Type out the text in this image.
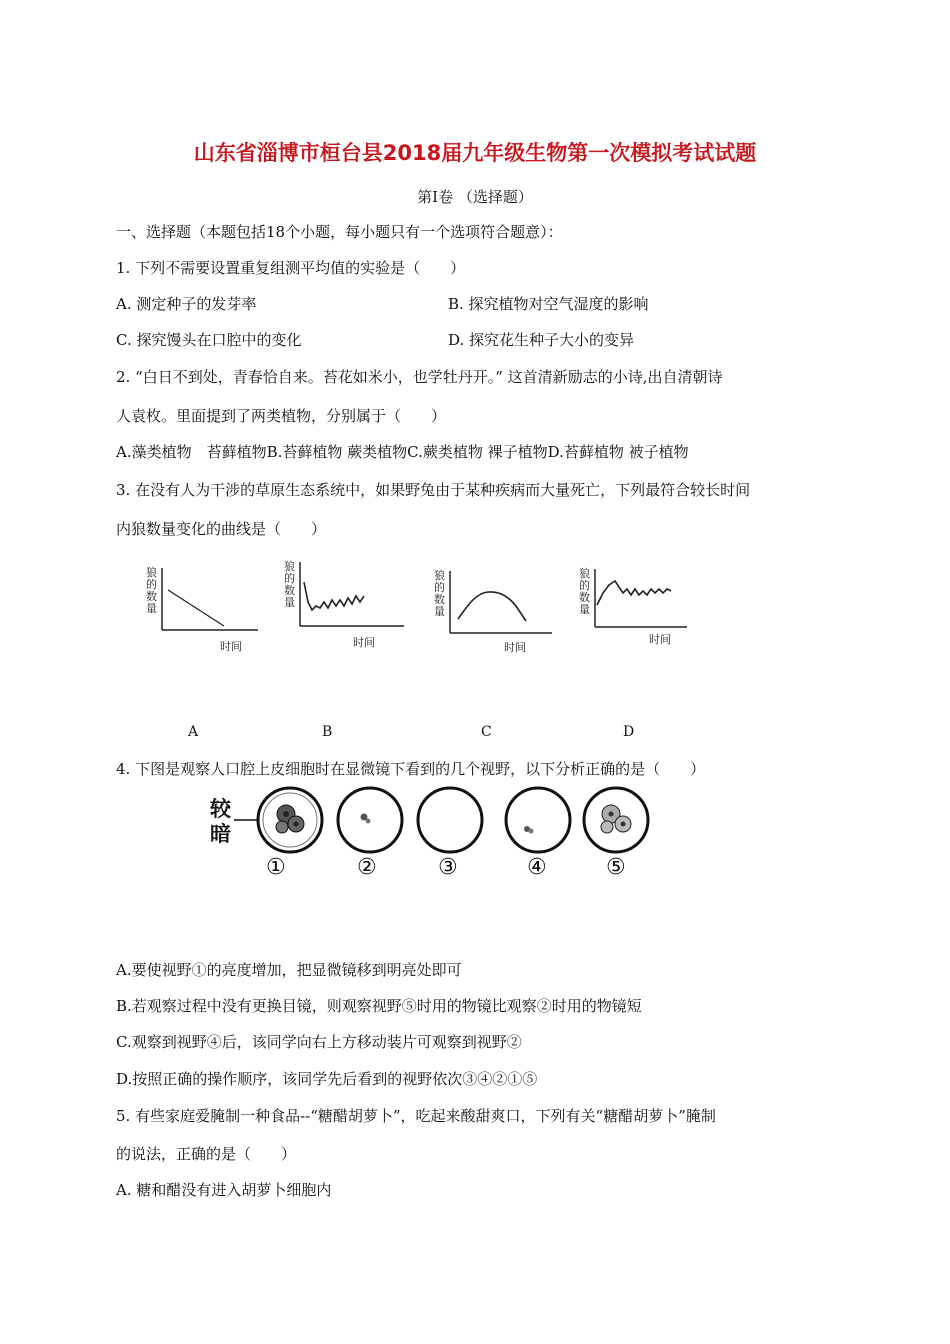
山东省淄博市桓台县2018届九年级生物第一次模拟考试试题
第Ⅰ卷 （选择题）
一、选择题（本题包括18个小题，每小题只有一个选项符合题意）：
1. 下列不需要设置重复组测平均值的实验是（　　）
A. 测定种子的发芽率	B. 探究植物对空气湿度的影响
C. 探究馒头在口腔中的变化	D. 探究花生种子大小的变异
2. “白日不到处，青春恰自来。苔花如米小，也学牡丹开。” 这首清新励志的小诗,出自清朝诗
人袁枚。里面提到了两类植物，分别属于（　　）
A.藻类植物　苔藓植物B.苔藓植物 蕨类植物C.蕨类植物 裸子植物D.苔藓植物 被子植物
3. 在没有人为干涉的草原生态系统中，如果野兔由于某种疾病而大量死亡，下列最符合较长时间
内狼数量变化的曲线是（　　）
狼
的
数
量
时间
狼
的
数
量
时间
狼
的
数
量
时间
狼
的
数
量
时间
A	B	C	D
4. 下图是观察人口腔上皮细胞时在显微镜下看到的几个视野，以下分析正确的是（　　）
较
暗
①	②	③	④	⑤
A.要使视野①的亮度增加，把显微镜移到明亮处即可
B.若观察过程中没有更换目镜，则观察视野⑤时用的物镜比观察②时用的物镜短
C.观察到视野④后，该同学向右上方移动装片可观察到视野②
D.按照正确的操作顺序，该同学先后看到的视野依次③④②①⑤
5. 有些家庭爱腌制一种食品--“糖醋胡萝卜”，吃起来酸甜爽口，下列有关“糖醋胡萝卜”腌制
的说法，正确的是（　　）
A. 糖和醋没有进入胡萝卜细胞内
